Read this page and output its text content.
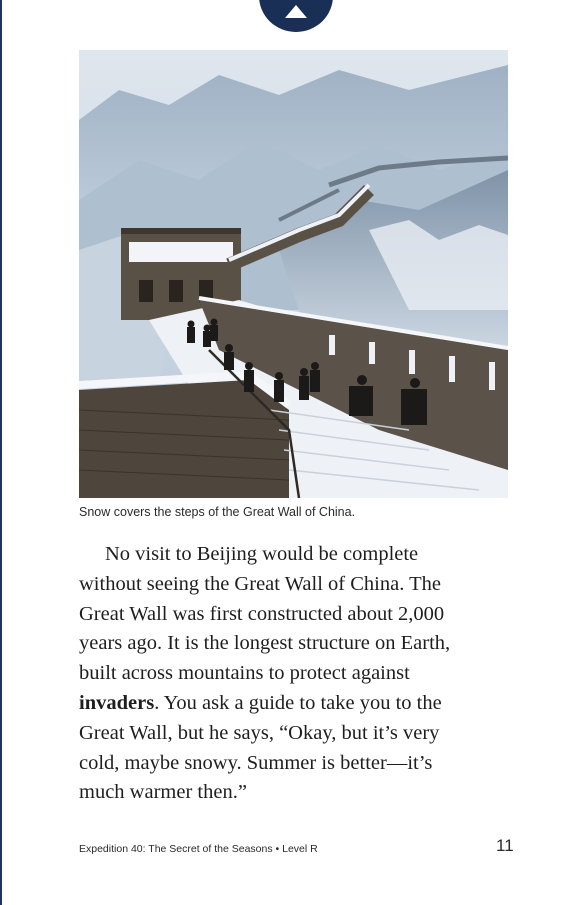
Snow covers the steps of the Great Wall of China.
No visit to Beijing would be complete
without seeing the Great Wall of China. The
Great Wall was first constructed about 2,000
years ago. It is the longest structure on Earth,
built across mountains to protect against
invaders. You ask a guide to take you to the
Great Wall, but he says, “Okay, but it’s very
cold, maybe snowy. Summer is better—it’s
much warmer then.”
Expedition 40: The Secret of the Seasons • Level R	11
